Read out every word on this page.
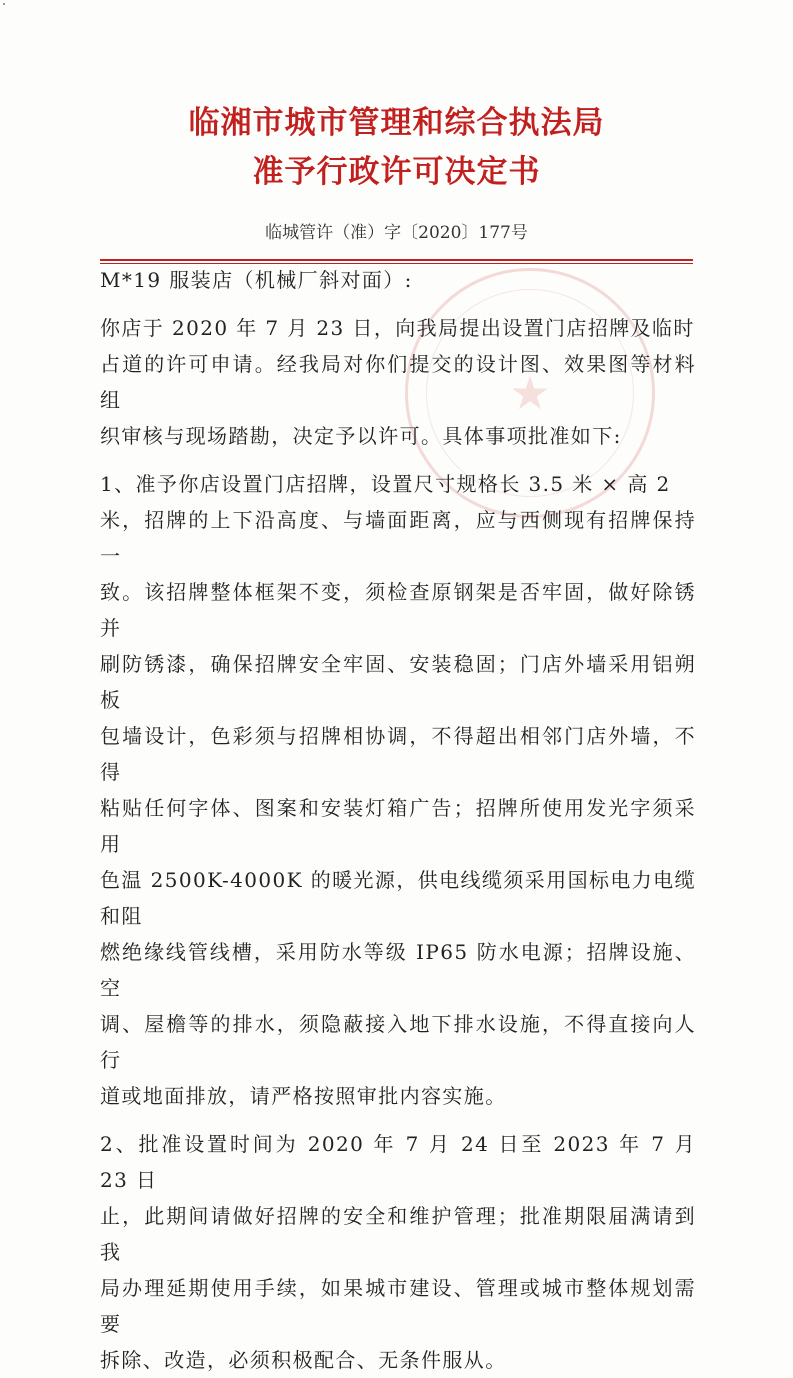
临湘市城市管理和综合执法局
准予行政许可决定书
临城管许（准）字〔2020〕177号
★

M*19 服装店（机械厂斜对面）:

你店于 2020 年 7 月 23 日，向我局提出设置门店招牌及临时
占道的许可申请。经我局对你们提交的设计图、效果图等材料组
织审核与现场踏勘，决定予以许可。具体事项批准如下:

1、准予你店设置门店招牌，设置尺寸规格长 3.5 米 × 高 2
米，招牌的上下沿高度、与墙面距离，应与西侧现有招牌保持一
致。该招牌整体框架不变，须检查原钢架是否牢固，做好除锈并
刷防锈漆，确保招牌安全牢固、安装稳固；门店外墙采用铝朔板
包墙设计，色彩须与招牌相协调，不得超出相邻门店外墙，不得
粘贴任何字体、图案和安装灯箱广告；招牌所使用发光字须采用
色温 2500K-4000K 的暖光源，供电线缆须采用国标电力电缆和阻
燃绝缘线管线槽，采用防水等级 IP65 防水电源；招牌设施、空
调、屋檐等的排水，须隐蔽接入地下排水设施，不得直接向人行
道或地面排放，请严格按照审批内容实施。

2、批准设置时间为 2020 年 7 月 24 日至 2023 年 7 月 23 日
止，此期间请做好招牌的安全和维护管理；批准期限届满请到我
局办理延期使用手续，如果城市建设、管理或城市整体规划需要
拆除、改造，必须积极配合、无条件服从。
